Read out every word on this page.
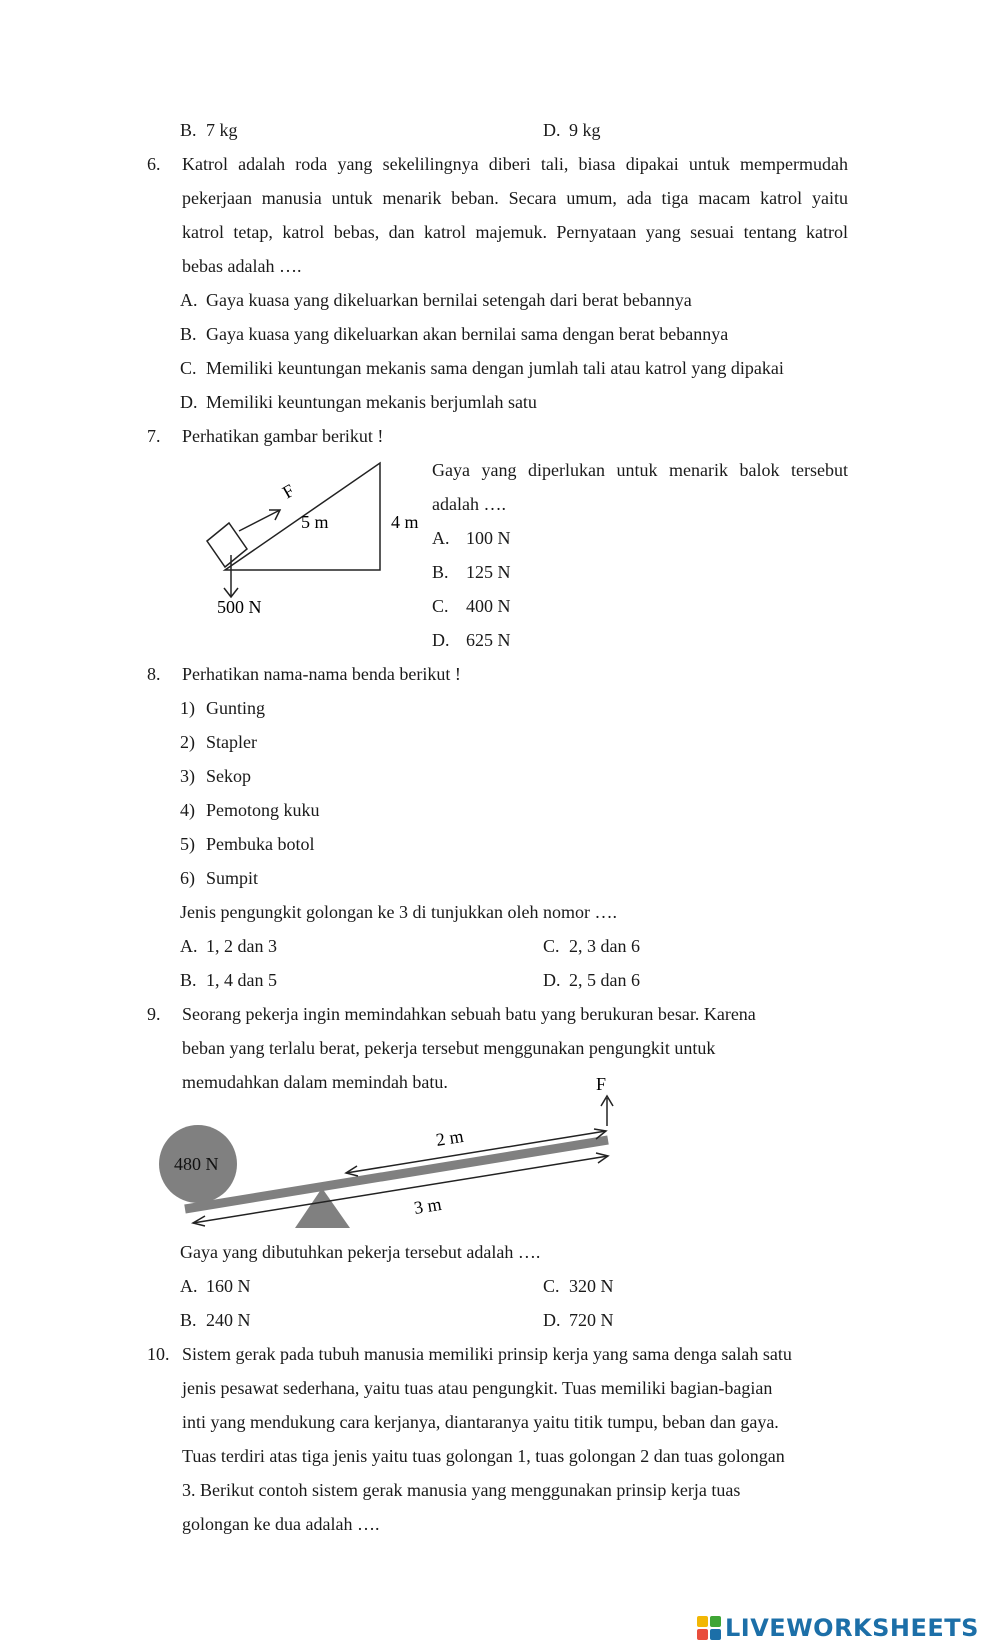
B. 7 kg	D. 9 kg
6. Katrol adalah roda yang sekelilingnya diberi tali, biasa dipakai untuk mempermudah
pekerjaan manusia untuk menarik beban. Secara umum, ada tiga macam katrol yaitu
katrol tetap, katrol bebas, dan katrol majemuk. Pernyataan yang sesuai tentang katrol
bebas adalah ….
A. Gaya kuasa yang dikeluarkan bernilai setengah dari berat bebannya
B. Gaya kuasa yang dikeluarkan akan bernilai sama dengan berat bebannya
C. Memiliki keuntungan mekanis sama dengan jumlah tali atau katrol yang dipakai
D. Memiliki keuntungan mekanis berjumlah satu
7. Perhatikan gambar berikut !
F
5 m	4 m
500 N
Gaya yang diperlukan untuk menarik balok tersebut
adalah ….
A. 100 N
B. 125 N
C. 400 N
D. 625 N
8. Perhatikan nama-nama benda berikut !
1) Gunting
2) Stapler
3) Sekop
4) Pemotong kuku
5) Pembuka botol
6) Sumpit
Jenis pengungkit golongan ke 3 di tunjukkan oleh nomor ….
A. 1, 2 dan 3	C. 2, 3 dan 6
B. 1, 4 dan 5	D. 2, 5 dan 6
9. Seorang pekerja ingin memindahkan sebuah batu yang berukuran besar. Karena
beban yang terlalu berat, pekerja tersebut menggunakan pengungkit untuk
memudahkan dalam memindah batu.	F
480 N
2 m
3 m
Gaya yang dibutuhkan pekerja tersebut adalah ….
A. 160 N	C. 320 N
B. 240 N	D. 720 N
10. Sistem gerak pada tubuh manusia memiliki prinsip kerja yang sama denga salah satu
jenis pesawat sederhana, yaitu tuas atau pengungkit. Tuas memiliki bagian-bagian
inti yang mendukung cara kerjanya, diantaranya yaitu titik tumpu, beban dan gaya.
Tuas terdiri atas tiga jenis yaitu tuas golongan 1, tuas golongan 2 dan tuas golongan
3. Berikut contoh sistem gerak manusia yang menggunakan prinsip kerja tuas
golongan ke dua adalah ….
LIVEWORKSHEETS
